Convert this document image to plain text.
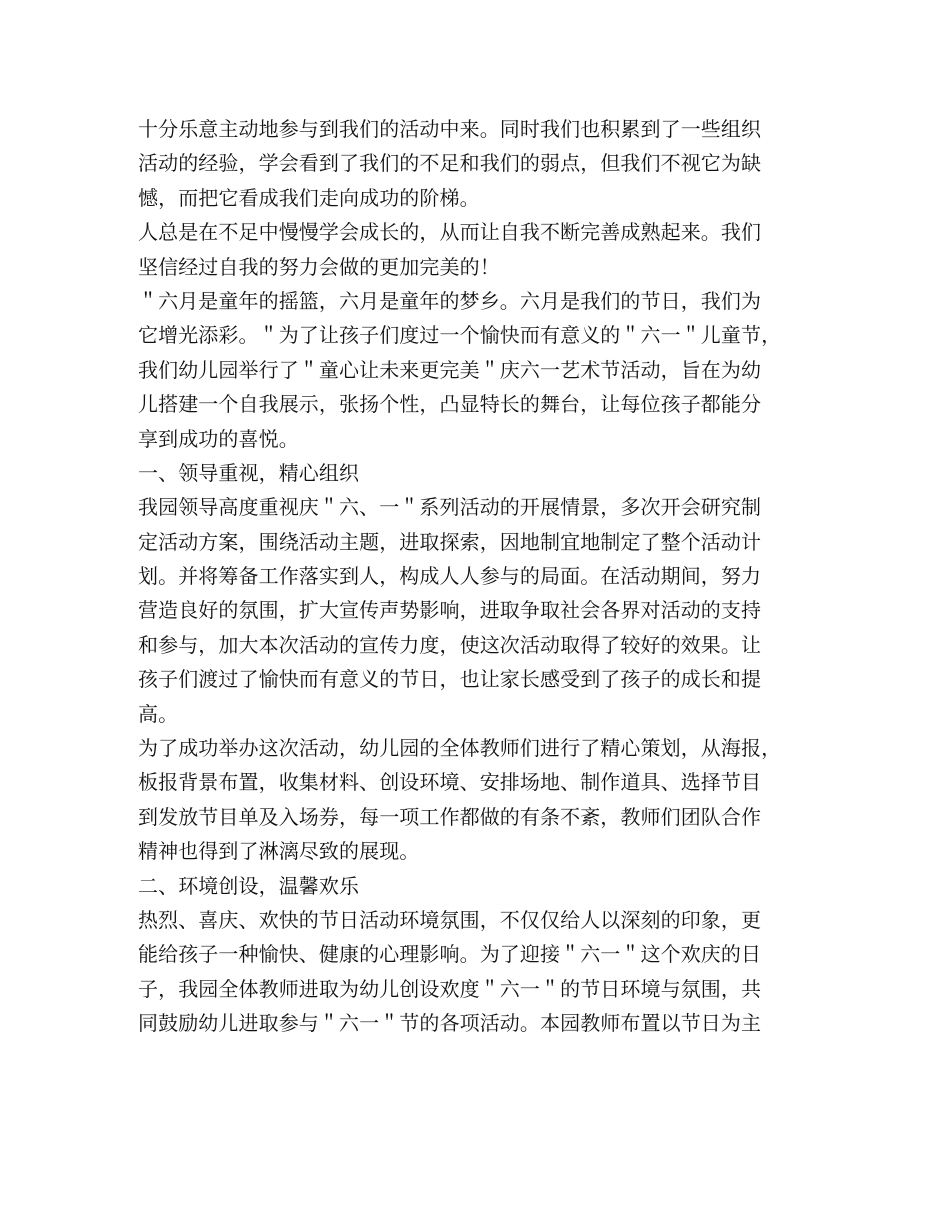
十分乐意主动地参与到我们的活动中来。同时我们也积累到了一些组织
活动的经验，学会看到了我们的不足和我们的弱点，但我们不视它为缺
憾，而把它看成我们走向成功的阶梯。
人总是在不足中慢慢学会成长的，从而让自我不断完善成熟起来。我们
坚信经过自我的努力会做的更加完美的！
＂六月是童年的摇篮，六月是童年的梦乡。六月是我们的节日，我们为
它增光添彩。＂为了让孩子们度过一个愉快而有意义的＂六一＂儿童节，
我们幼儿园举行了＂童心让未来更完美＂庆六一艺术节活动，旨在为幼
儿搭建一个自我展示，张扬个性，凸显特长的舞台，让每位孩子都能分
享到成功的喜悦。
一、领导重视，精心组织
我园领导高度重视庆＂六、一＂系列活动的开展情景，多次开会研究制
定活动方案，围绕活动主题，进取探索，因地制宜地制定了整个活动计
划。并将筹备工作落实到人，构成人人参与的局面。在活动期间，努力
营造良好的氛围，扩大宣传声势影响，进取争取社会各界对活动的支持
和参与，加大本次活动的宣传力度，使这次活动取得了较好的效果。让
孩子们渡过了愉快而有意义的节日，也让家长感受到了孩子的成长和提
高。
为了成功举办这次活动，幼儿园的全体教师们进行了精心策划，从海报，
板报背景布置，收集材料、创设环境、安排场地、制作道具、选择节目
到发放节目单及入场券，每一项工作都做的有条不紊，教师们团队合作
精神也得到了淋漓尽致的展现。
二、环境创设，温馨欢乐
热烈、喜庆、欢快的节日活动环境氛围，不仅仅给人以深刻的印象，更
能给孩子一种愉快、健康的心理影响。为了迎接＂六一＂这个欢庆的日
子，我园全体教师进取为幼儿创设欢度＂六一＂的节日环境与氛围，共
同鼓励幼儿进取参与＂六一＂节的各项活动。本园教师布置以节日为主
